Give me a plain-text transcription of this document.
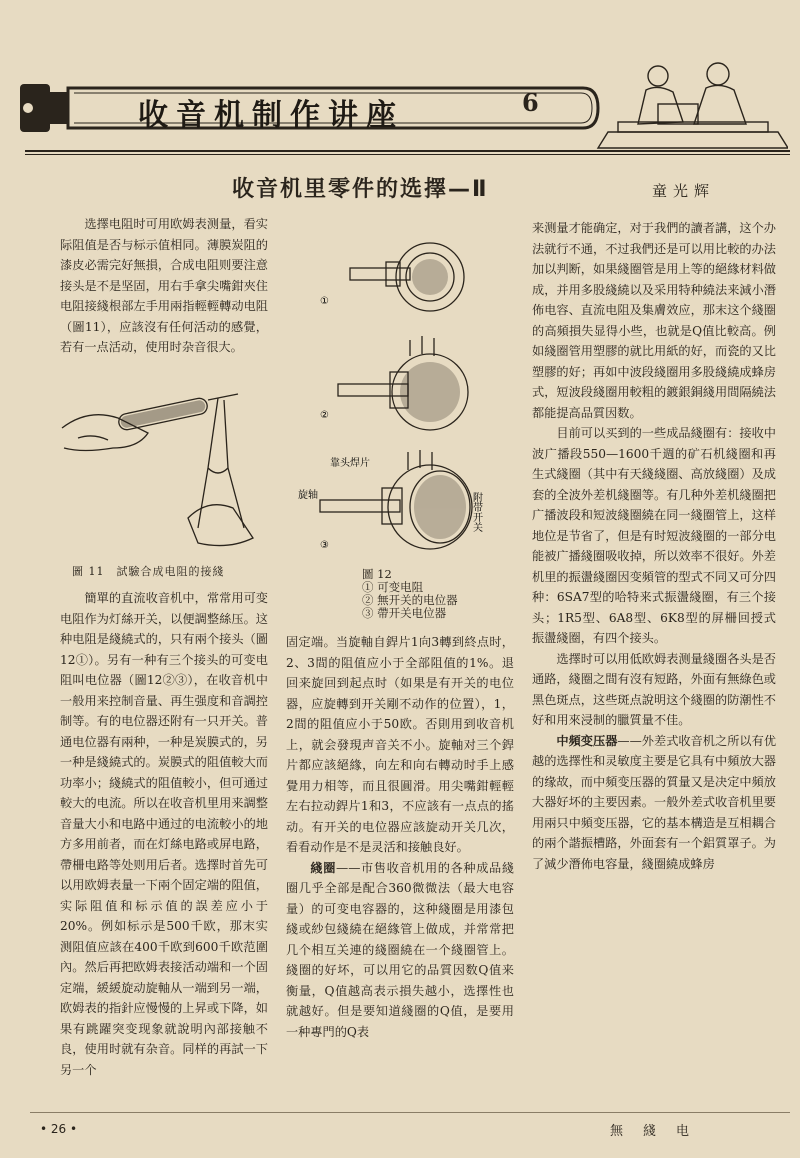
收音机制作讲座	6
收音机里零件的选擇—Ⅱ	童光辉

选擇电阻时可用欧姆表测量，看实际阻值是否与标示值相同。薄膜炭阻的漆皮必需完好無損，合成电阻则要注意接头是不是坚固，用右手拿尖嘴鉗夾住电阻接綫根部左手用兩指輕輕轉动电阻（圖11），应該沒有任何活动的感覺，若有一点活动，使用时杂音很大。

圖 11　試驗合成电阻的接綫
①
②
③
靠头焊片
旋轴	附带开关
圖 12
① 可变电阻
② 無开关的电位器
③ 帶开关电位器

簡單的直流收音机中，常常用可变电阻作为灯絲开关，以便調整絲压。这种电阻是綫繞式的，只有兩个接头（圖12①）。另有一种有三个接头的可变电阻叫电位器（圖12②③），在收音机中一般用来控制音量、再生强度和音調控制等。有的电位器还附有一只开关。普通电位器有兩种，一种是炭膜式的，另一种是綫繞式的。炭膜式的阻值較大而功率小；綫繞式的阻值較小，但可通过較大的电流。所以在收音机里用来調整音量大小和电路中通过的电流較小的地方多用前者，而在灯絲电路或屏电路，帶柵电路等处则用后者。选擇时首先可以用欧姆表量一下兩个固定端的阻值，实际阻值和标示值的誤差应小于20%。例如标示是500千欧，那末实测阻值应該在400千欧到600千欧范圍內。然后再把欧姆表接活动端和一个固定端，緩緩旋动旋軸从一端到另一端，欧姆表的指針应慢慢的上昇或下降，如果有跳躍突变现象就說明內部接触不良，使用时就有杂音。同样的再試一下另一个

固定端。当旋軸自銲片1向3轉到終点时，2、3間的阻值应小于全部阻值的1%。退回来旋回到起点时（如果是有开关的电位器，应旋轉到开关剛不动作的位置），1，2間的阻值应小于50欧。否則用到收音机上，就会發現声音关不小。旋軸对三个銲片都应該絕緣，向左和向右轉动时手上感覺用力相等，而且很圓滑。用尖嘴鉗輕輕左右拉动銲片1和3，不应該有一点点的搖动。有开关的电位器应該旋动开关几次，看看动作是不是灵活和接触良好。

綫圈——市售收音机用的各种成品綫圈几乎全部是配合360微微法（最大电容量）的可变电容器的，这种綫圈是用漆包綫或紗包綫繞在絕緣管上做成，并常常把几个相互关連的綫圈繞在一个綫圈管上。綫圈的好坏，可以用它的品質因数Q值来衡量，Q值越高表示損失越小，选擇性也就越好。但是要知道綫圈的Q值，是要用一种專門的Q表

来测量才能确定，对于我們的讀者講，这个办法就行不通，不过我們还是可以用比較的办法加以判断，如果綫圈管是用上等的絕緣材料做成，并用多股綫繞以及采用特种繞法来減小潛佈电容、直流电阻及集膚效应，那末这个綫圈的高頻損失显得小些，也就是Q值比較高。例如綫圈管用塑膠的就比用紙的好，而瓷的又比塑膠的好；再如中波段綫圈用多股綫繞成蜂房式，短波段綫圈用較粗的鍍銀銅綫用間隔繞法都能提高品質因数。

目前可以买到的一些成品綫圈有：接收中波广播段550—1600千週的矿石机綫圈和再生式綫圈（其中有天綫綫圈、高放綫圈）及成套的全波外差机綫圈等。有几种外差机綫圈把广播波段和短波綫圈繞在同一綫圈管上，这样地位是节省了，但是有时短波綫圈的一部分电能被广播綫圈吸收掉，所以效率不很好。外差机里的振盪綫圈因变頻管的型式不同又可分四种：6SA7型的哈特来式振盪綫圈，有三个接头；1R5型、6A8型、6K8型的屏柵回授式振盪綫圈，有四个接头。

选擇时可以用低欧姆表测量綫圈各头是否通路，綫圈之間有沒有短路，外面有無綠色或黑色斑点，这些斑点說明这个綫圈的防潮性不好和用來浸制的臘質量不佳。

中頻变压器——外差式收音机之所以有优越的选擇性和灵敏度主要是它具有中頻放大器的缘故，而中頻变压器的質量又是决定中頻放大器好坏的主要因素。一般外差式收音机里要用兩只中頻变压器，它的基本構造是互相耦合的兩个諧振槽路，外面套有一个鋁質罩子。为了減少潛佈电容量，綫圈繞成蜂房

• 26 •	無綫电
